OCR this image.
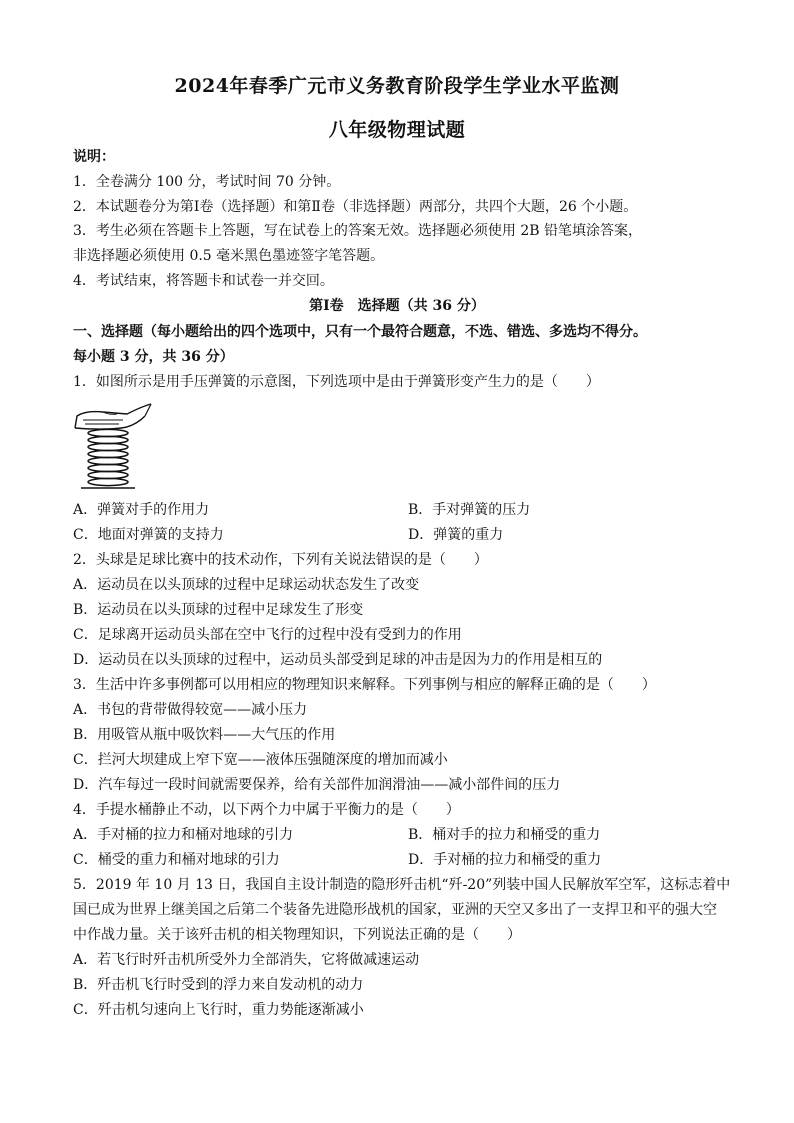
2024年春季广元市义务教育阶段学生学业水平监测
八年级物理试题
说明：
1．全卷满分 100 分，考试时间 70 分钟。
2．本试题卷分为第Ⅰ卷（选择题）和第Ⅱ卷（非选择题）两部分，共四个大题，26 个小题。
3．考生必须在答题卡上答题，写在试卷上的答案无效。选择题必须使用 2B 铅笔填涂答案，
非选择题必须使用 0.5 毫米黑色墨迹签字笔答题。
4．考试结束，将答题卡和试卷一并交回。
第Ⅰ卷　选择题（共 36 分）
一、选择题（每小题给出的四个选项中，只有一个最符合题意，不选、错选、多选均不得分。
每小题 3 分，共 36 分）
1．如图所示是用手压弹簧的示意图，下列选项中是由于弹簧形变产生力的是（　　）
A．弹簧对手的作用力	B．手对弹簧的压力
C．地面对弹簧的支持力	D．弹簧的重力
2．头球是足球比赛中的技术动作，下列有关说法错误的是（　　）
A．运动员在以头顶球的过程中足球运动状态发生了改变
B．运动员在以头顶球的过程中足球发生了形变
C．足球离开运动员头部在空中飞行的过程中没有受到力的作用
D．运动员在以头顶球的过程中，运动员头部受到足球的冲击是因为力的作用是相互的
3．生活中许多事例都可以用相应的物理知识来解释。下列事例与相应的解释正确的是（　　）
A．书包的背带做得较宽——减小压力
B．用吸管从瓶中吸饮料——大气压的作用
C．拦河大坝建成上窄下宽——液体压强随深度的增加而减小
D．汽车每过一段时间就需要保养，给有关部件加润滑油——减小部件间的压力
4．手提水桶静止不动，以下两个力中属于平衡力的是（　　）
A．手对桶的拉力和桶对地球的引力	B．桶对手的拉力和桶受的重力
C．桶受的重力和桶对地球的引力	D．手对桶的拉力和桶受的重力
5．2019 年 10 月 13 日，我国自主设计制造的隐形歼击机“歼-20”列装中国人民解放军空军，这标志着中
国已成为世界上继美国之后第二个装备先进隐形战机的国家，亚洲的天空又多出了一支捍卫和平的强大空
中作战力量。关于该歼击机的相关物理知识，下列说法正确的是（　　）
A．若飞行时歼击机所受外力全部消失，它将做减速运动
B．歼击机飞行时受到的浮力来自发动机的动力
C．歼击机匀速向上飞行时，重力势能逐渐减小
